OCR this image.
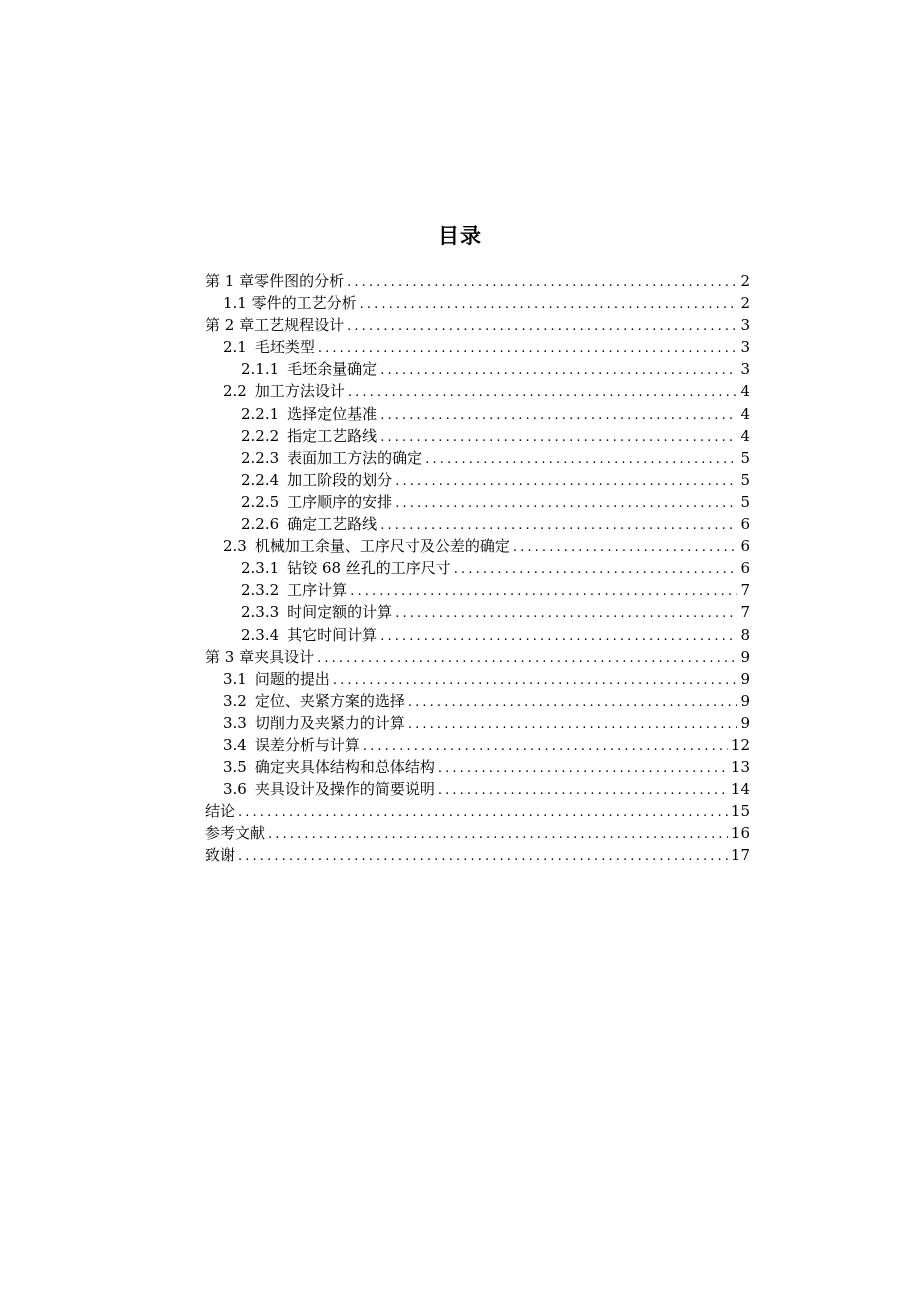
目录
第 1 章零件图的分析 . . .	2
1.1 零件的工艺分析 . . .	2
第 2 章工艺规程设计 . . .	3
2.1 毛坯类型 . . .	3
2.1.1 毛坯余量确定 . . .	3
2.2 加工方法设计 . . .	4
2.2.1 选择定位基准 . . .	4
2.2.2 指定工艺路线 . . .	4
2.2.3 表面加工方法的确定 . . .	5
2.2.4 加工阶段的划分 . . .	5
2.2.5 工序顺序的安排 . . .	5
2.2.6 确定工艺路线 . . .	6
2.3 机械加工余量、工序尺寸及公差的确定 . . .	6
2.3.1 钻铰 68 丝孔的工序尺寸 . . .	6
2.3.2 工序计算 . . .	7
2.3.3 时间定额的计算 . . .	7
2.3.4 其它时间计算 . . .	8
第 3 章夹具设计 . . .	9
3.1 问题的提出 . . .	9
3.2 定位、夹紧方案的选择 . . .	9
3.3 切削力及夹紧力的计算 . . .	9
3.4 误差分析与计算 . . .	12
3.5 确定夹具体结构和总体结构 . . .	13
3.6 夹具设计及操作的简要说明 . . .	14
结论 . . .	15
参考文献 . . .	16
致谢 . . .	17
